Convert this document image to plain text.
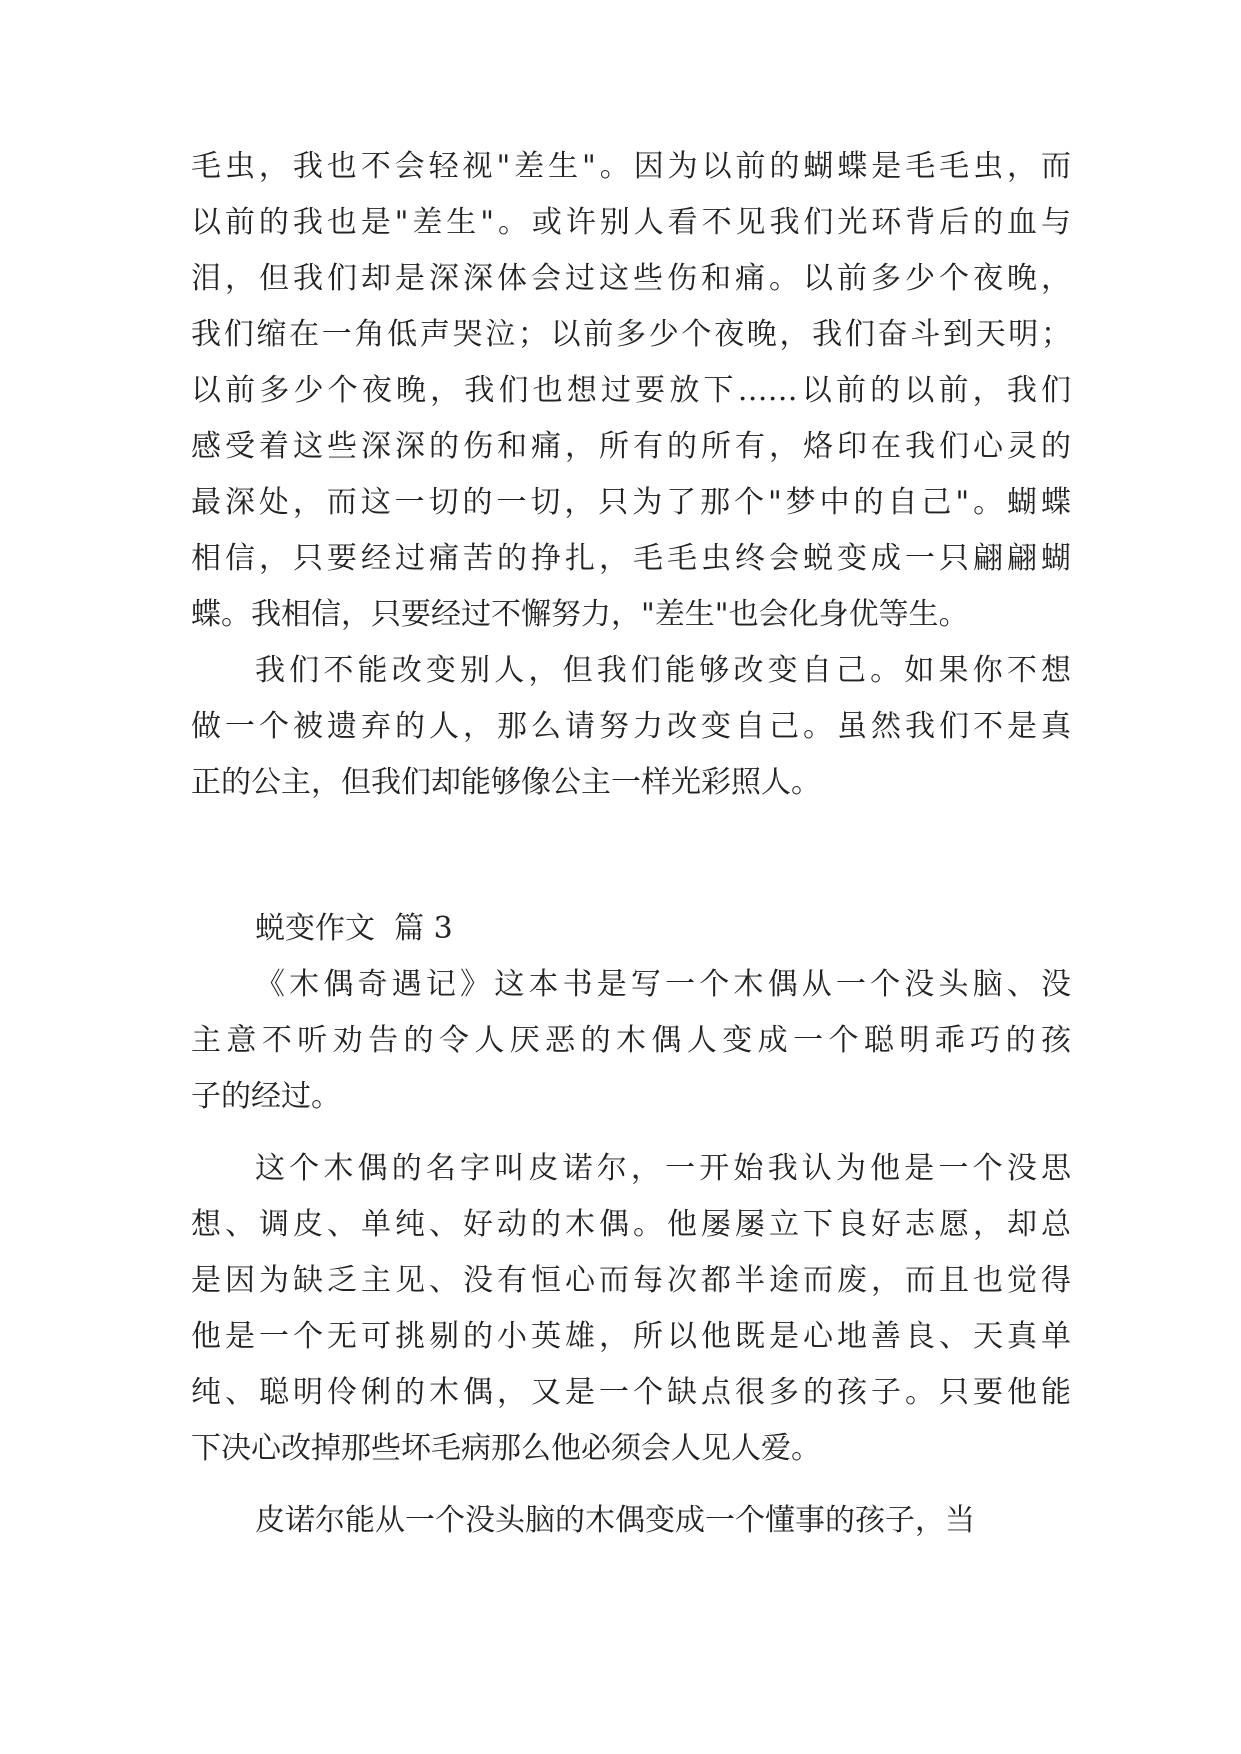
毛虫，我也不会轻视"差生"。因为以前的蝴蝶是毛毛虫，而
以前的我也是"差生"。或许别人看不见我们光环背后的血与
泪，但我们却是深深体会过这些伤和痛。以前多少个夜晚，
我们缩在一角低声哭泣；以前多少个夜晚，我们奋斗到天明；
以前多少个夜晚，我们也想过要放下……以前的以前，我们
感受着这些深深的伤和痛，所有的所有，烙印在我们心灵的
最深处，而这一切的一切，只为了那个"梦中的自己"。蝴蝶
相信，只要经过痛苦的挣扎，毛毛虫终会蜕变成一只翩翩蝴
蝶。我相信，只要经过不懈努力，"差生"也会化身优等生。
我们不能改变别人，但我们能够改变自己。如果你不想
做一个被遗弃的人，那么请努力改变自己。虽然我们不是真
正的公主，但我们却能够像公主一样光彩照人。
蜕变作文  篇 3
《木偶奇遇记》这本书是写一个木偶从一个没头脑、没
主意不听劝告的令人厌恶的木偶人变成一个聪明乖巧的孩
子的经过。
这个木偶的名字叫皮诺尔，一开始我认为他是一个没思
想、调皮、单纯、好动的木偶。他屡屡立下良好志愿，却总
是因为缺乏主见、没有恒心而每次都半途而废，而且也觉得
他是一个无可挑剔的小英雄，所以他既是心地善良、天真单
纯、聪明伶俐的木偶，又是一个缺点很多的孩子。只要他能
下决心改掉那些坏毛病那么他必须会人见人爱。
皮诺尔能从一个没头脑的木偶变成一个懂事的孩子，当
